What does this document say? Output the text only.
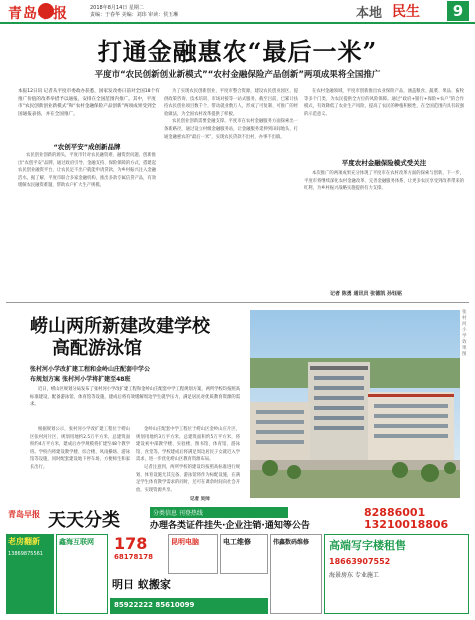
青岛早报	2018年8月14日 星期二
责编：于春华 美编：刘玮 审读：侯玉琳	本地 民生	9
打通金融惠农“最后一米”
平度市“农民创新创业新模式”“农村金融保险产品创新”两项成果将全国推广
本报12日讯 记者从平度市委政办获悉，国家发改委日前对全国18个有推广价值的改革举措予以通报，安排在全国范围内推广。其中，平度市“农民创新创业新模式”和“农村金融保险产品创新”两项成果受到全国通报表扬，并在全国推广。
“农创平安”成创新品牌

农民创业创新的源头，平度市针对农民融资难、融资贵问题，创新推出“农创平安”品牌，通过政府引导、金融支持、保险保障的方式，搭建起农民创业融资平台，让农民足不出户就能申请贷款，为乡村振兴注入金融活水。据了解，平度市联合多家金融机构，推出多款专属信贷产品，有效缓解农民融资难题，帮助农户扩大生产规模。

为了实现农民创新创业，平度市整合资源，建设农民创业园区，提供政策咨询、技术培训、市场对接等一站式服务。截至目前，已累计扶持农民创业项目数千个，带动就业数万人，形成了可复制、可推广的经验做法，为全国农村改革提供了样板。

农民创业创新需要金融支撑。平度市在农村金融服务方面探索出一条新路径，通过设立村级金融服务站，让金融服务延伸到田间地头，打通金融惠农的“最后一米”，实现农民贷款不出村、办事不出镇。

平度农村金融保险模式受关注

在农村金融领域，平度市创新推出农业保险产品，涵盖粮食、蔬菜、果品、畜牧等多个门类，为农民提供全方位的风险保障。通过“政府+银行+保险+农户”的合作模式，有效降低了农业生产风险，提高了农民的种植积极性，在全国范围内具有较强的示范意义。

本次推广的两项成果充分体现了平度市在农村改革方面的探索与创新，下一步，平度市将继续深化农村金融改革，完善金融服务体系，让更多农民享受到改革带来的红利，为乡村振兴战略实施提供有力支撑。

记者 陈勇 通讯员 张德凯 孙钰铭
崂山两所新建改建学校
高配游泳馆
张村河小学改扩建工程和金岭山庄配套中学公
布规划方案 张村河小学将扩建至48班

近日，崂山区规划分局发布了张村河小学改扩建工程和金岭山庄配套中学工程规划方案，两所学校均按照高标准建设，配备游泳馆、体育馆等设施，建成后将有效缓解周边学生就学压力，满足居民对优质教育资源的需求。

根据规划公示，张村河小学改扩建工程位于崂山区张村河片区，规划用地约2.5万平方米，总建筑面积约4万平方米，建成后办学规模将扩建至48个教学班。学校内将建设教学楼、综合楼、风雨操场、游泳馆等设施，同时配套建设地下停车场，方便师生和家长出行。

金岭山庄配套中学工程位于崂山区金岭山庄片区，规划用地约3万平方米，总建筑面积约5万平方米，将建设初中部教学楼、实验楼、图书馆、体育馆、游泳馆、食堂等。学校建成后将满足周边居民子女就近入学需求，进一步优化崂山区教育资源布局。

记者注意到，两所学校的建设均按照高标准进行规划，体育设施尤其完备，游泳馆将作为标配设施，在满足学生体育教学需求的同时，还可在课余时间向社会开放，实现资源共享。

记者 吴帅
张村河小学效果图
青岛早报 天天分类	分类信息 刊登热线	82886001
办理各类证件挂失·企业注销·通知等公告	13210018806
老房翻新
13869875561
鑫海互联网	178
68178178
昆明电脑	电工维修
明日 蚁搬家
85922222 85610099
伟鑫数码维修	高端写字楼租售
18663907552
海景房东 专业施工
